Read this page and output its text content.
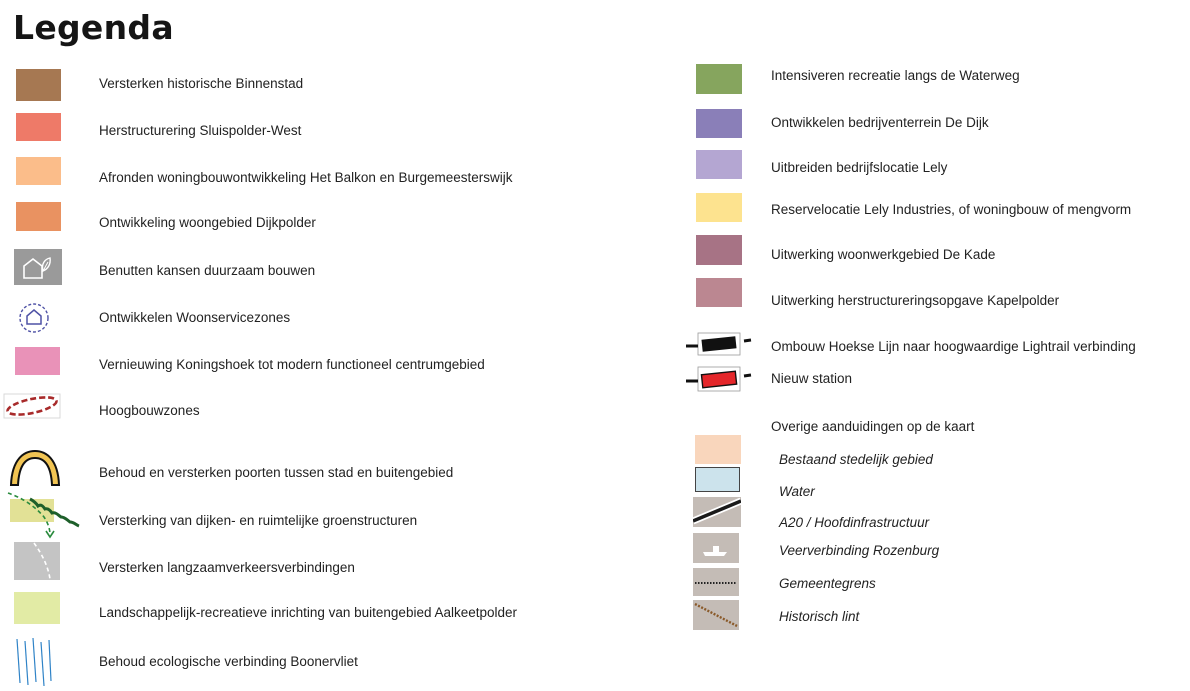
Legenda
Versterken historische Binnenstad
Herstructurering Sluispolder-West
Afronden woningbouwontwikkeling Het Balkon en Burgemeesterswijk
Ontwikkeling woongebied Dijkpolder
Benutten kansen duurzaam bouwen
Ontwikkelen Woonservicezones
Vernieuwing Koningshoek tot modern functioneel centrumgebied
Hoogbouwzones
Behoud en versterken poorten tussen stad en buitengebied
Versterking van dijken- en ruimtelijke groenstructuren
Versterken langzaamverkeersverbindingen
Landschappelijk-recreatieve inrichting van buitengebied Aalkeetpolder
Behoud ecologische verbinding Boonervliet
Intensiveren recreatie langs de Waterweg
Ontwikkelen bedrijventerrein De Dijk
Uitbreiden bedrijfslocatie Lely
Reservelocatie Lely Industries, of woningbouw of mengvorm
Uitwerking woonwerkgebied De Kade
Uitwerking herstructureringsopgave Kapelpolder
Ombouw Hoekse Lijn naar hoogwaardige Lightrail verbinding
Nieuw station
Overige aanduidingen op de kaart
Bestaand stedelijk gebied
Water
A20 / Hoofdinfrastructuur
Veerverbinding Rozenburg
Gemeentegrens
Historisch lint
